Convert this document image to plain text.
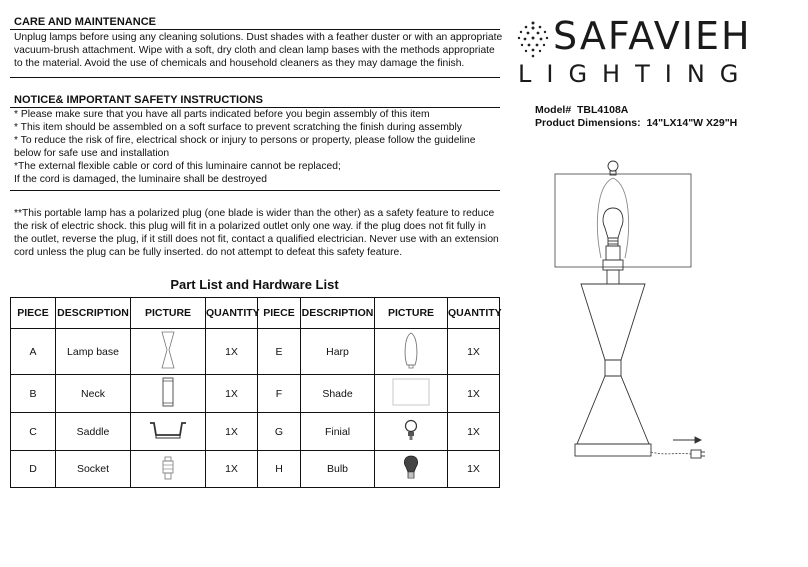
CARE AND MAINTENANCE
Unplug lamps before using any cleaning solutions. Dust shades with a feather duster or with an appropriate
vacuum-brush attachment. Wipe with a soft, dry cloth and clean lamp bases with the methods appropriate
to the material. Avoid the use of chemicals and household cleaners as they may damage the finish.
NOTICE& IMPORTANT SAFETY INSTRUCTIONS
* Please make sure that you have all parts indicated before you begin assembly of this item
* This item should be assembled on a soft surface to prevent scratching the finish during assembly
* To reduce the risk of fire, electrical shock or injury to persons or property, please follow the guideline
below for safe use and installation
*The external flexible cable or cord of this luminaire cannot be replaced;
If the cord is damaged, the luminaire shall be destroyed
**This portable lamp has a polarized plug (one blade is wider than the other) as a safety feature to reduce
the risk of electric shock. this plug will fit in a polarized outlet only one way. if the plug does not fit fully in
the outlet, reverse the plug, if it still does not fit, contact a qualified electrician. Never use with an extension
cord unless the plug can be fully inserted. do not attempt to defeat this safety feature.
Part List and Hardware List
PIECE	DESCRIPTION	PICTURE	QUANTITY	PIECE	DESCRIPTION	PICTURE	QUANTITY
A	Lamp base		1X	E	Harp		1X
B	Neck		1X	F	Shade		1X
C	Saddle		1X	G	Finial		1X
D	Socket		1X	H	Bulb		1X
SAFAVIEH
LIGHTING
Model# TBL4108A
Product Dimensions: 14"LX14"W X29"H
